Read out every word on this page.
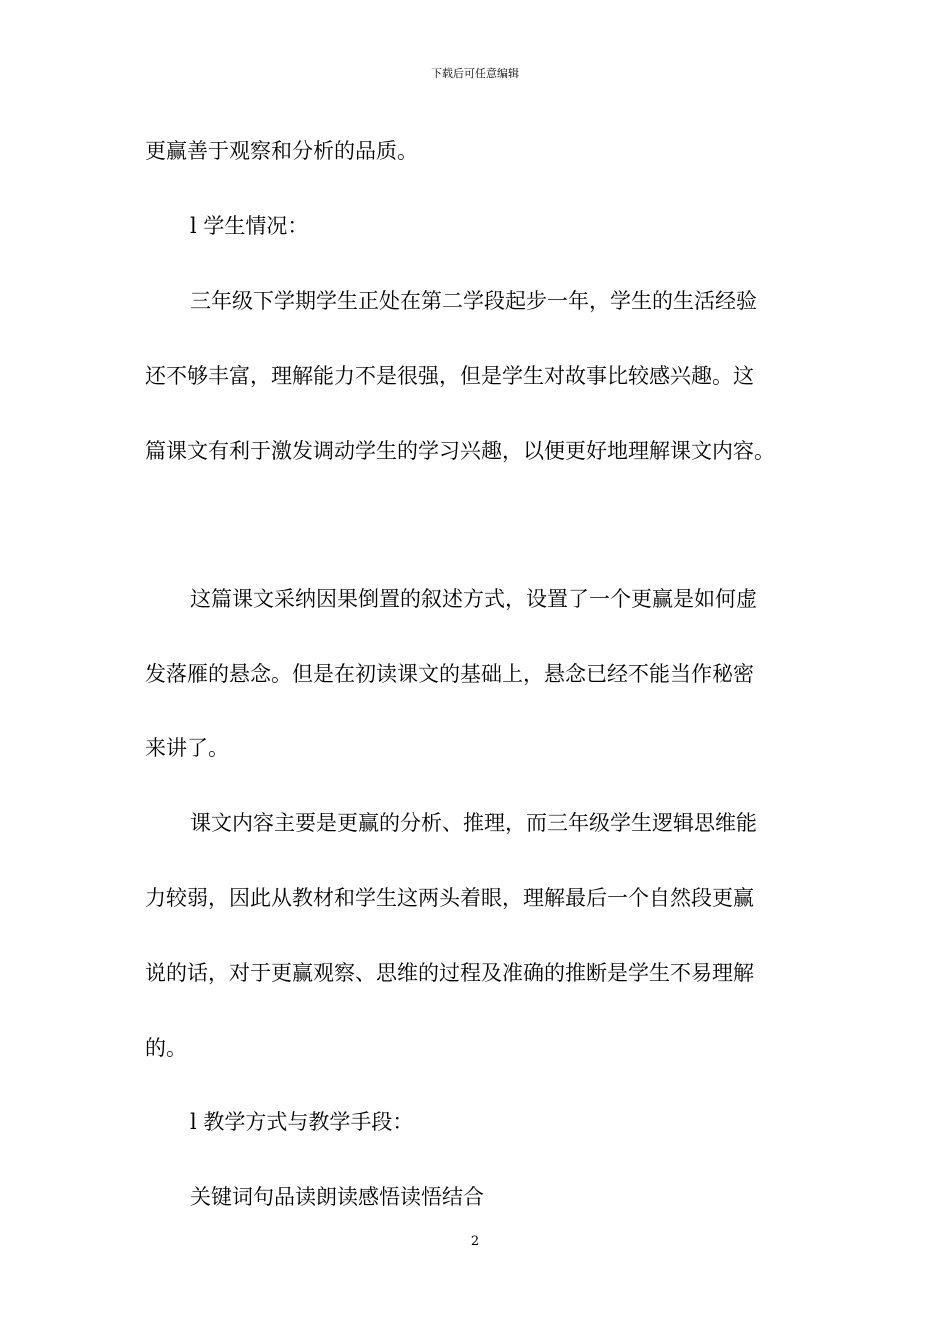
下载后可任意编辑
更赢善于观察和分析的品质。
l 学生情况：
三年级下学期学生正处在第二学段起步一年，学生的生活经验
还不够丰富，理解能力不是很强，但是学生对故事比较感兴趣。这
篇课文有利于激发调动学生的学习兴趣，以便更好地理解课文内容。
这篇课文采纳因果倒置的叙述方式，设置了一个更赢是如何虚
发落雁的悬念。但是在初读课文的基础上，悬念已经不能当作秘密
来讲了。
课文内容主要是更赢的分析、推理，而三年级学生逻辑思维能
力较弱，因此从教材和学生这两头着眼，理解最后一个自然段更赢
说的话，对于更赢观察、思维的过程及准确的推断是学生不易理解
的。
l 教学方式与教学手段：
关键词句品读朗读感悟读悟结合
2
